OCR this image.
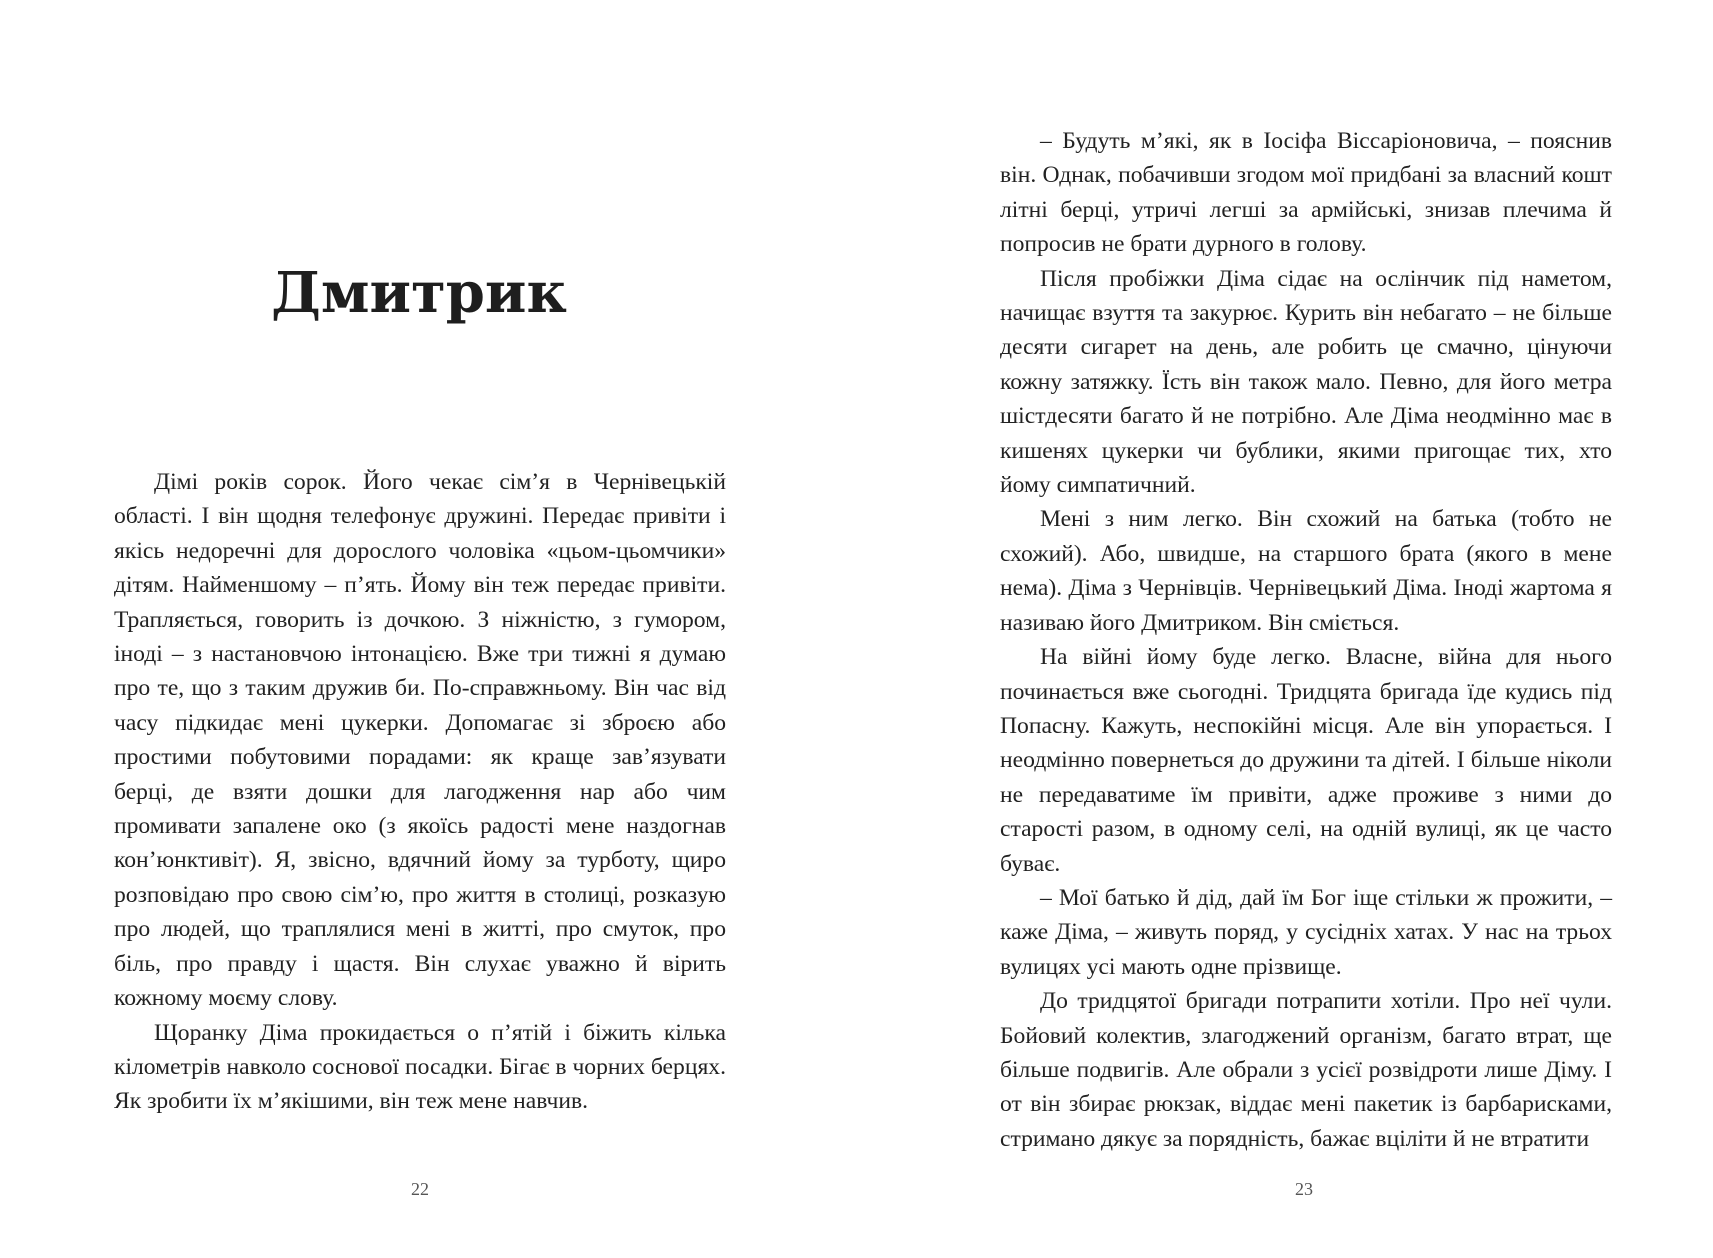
Дмитрик

Дімі років сорок. Його чекає сім’я в Чернівецькій області. І він щодня телефонує дружині. Передає привіти і якісь недоречні для дорослого чоловіка «цьом-цьомчики» дітям. Найменшому – п’ять. Йому він теж передає привіти. Трапляється, говорить із дочкою. З ніжністю, з гумором, іноді – з настановчою інтонацією. Вже три тижні я думаю про те, що з таким дружив би. По-справжньому. Він час від часу підкидає мені цукерки. Допомагає зі зброєю або простими побутовими порадами: як краще зав’язувати берці, де взяти дошки для лагодження нар або чим промивати запалене око (з якоїсь радості мене наздогнав кон’юнктивіт). Я, звісно, вдячний йому за турботу, щиро розповідаю про свою сім’ю, про життя в столиці, розказую про людей, що траплялися мені в житті, про смуток, про біль, про правду і щастя. Він слухає уважно й вірить кожному моєму слову.

Щоранку Діма прокидається о п’ятій і біжить кілька кілометрів навколо соснової посадки. Бігає в чорних берцях. Як зробити їх м’якішими, він теж мене навчив.

22

– Будуть м’які, як в Іосіфа Віссаріоновича, – пояснив він. Однак, побачивши згодом мої придбані за власний кошт літні берці, утричі легші за армійські, знизав плечима й попросив не брати дурного в голову.

Після пробіжки Діма сідає на ослінчик під наметом, начищає взуття та закурює. Курить він небагато – не більше десяти сигарет на день, але робить це смачно, цінуючи кожну затяжку. Їсть він також мало. Певно, для його метра шістдесяти багато й не потрібно. Але Діма неодмінно має в кишенях цукерки чи бублики, якими пригощає тих, хто йому симпатичний.

Мені з ним легко. Він схожий на батька (тобто не схожий). Або, швидше, на старшого брата (якого в мене нема). Діма з Чернівців. Чернівецький Діма. Іноді жартома я називаю його Дмитриком. Він сміється.

На війні йому буде легко. Власне, війна для нього починається вже сьогодні. Тридцята бригада їде кудись під Попасну. Кажуть, неспокійні місця. Але він упорається. І неодмінно повернеться до дружини та дітей. І більше ніколи не передаватиме їм привіти, адже проживе з ними до старості разом, в одному селі, на одній вулиці, як це часто буває.

– Мої батько й дід, дай їм Бог іще стільки ж прожити, – каже Діма, – живуть поряд, у сусідніх хатах. У нас на трьох вулицях усі мають одне прізвище.

До тридцятої бригади потрапити хотіли. Про неї чули. Бойовий колектив, злагоджений організм, багато втрат, ще більше подвигів. Але обрали з усієї розвідроти лише Діму. І от він збирає рюкзак, віддає мені пакетик із барбарисками, стримано дякує за порядність, бажає вціліти й не втратити

23
